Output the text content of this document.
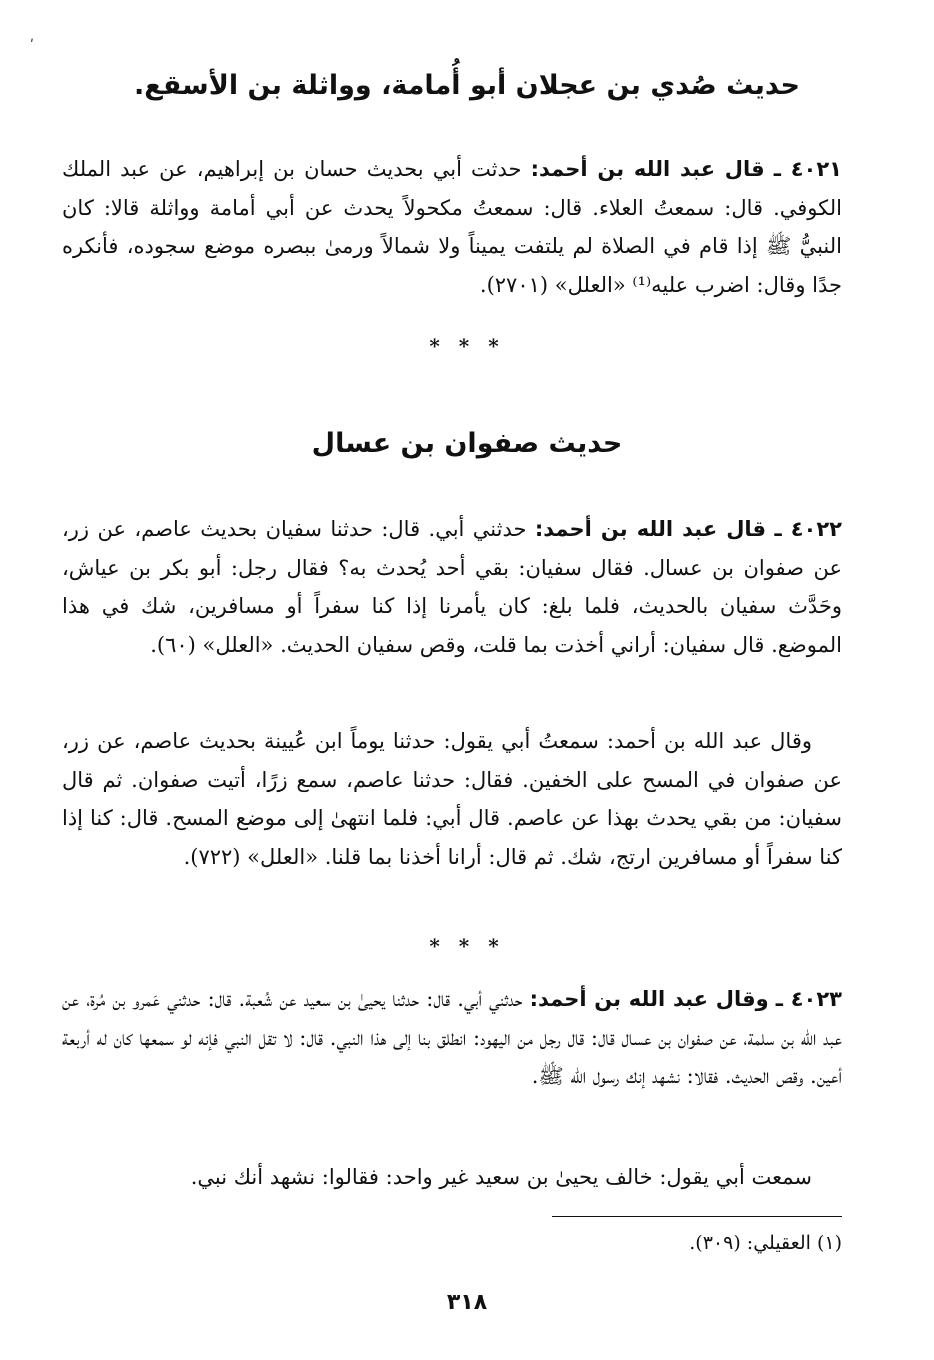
ʹ
حديث صُدي بن عجلان أبو أُمامة، وواثلة بن الأسقع.

٤٠٢١ ـ قال عبد الله بن أحمد: حدثت أبي بحديث حسان بن إبراهيم، عن عبد الملك الكوفي. قال: سمعتُ العلاء. قال: سمعتُ مكحولاً يحدث عن أبي أمامة وواثلة قالا: كان النبيُّ ﷺ إذا قام في الصلاة لم يلتفت يميناً ولا شمالاً ورمىٰ ببصره موضع سجوده، فأنكره جدًا وقال: اضرب عليه⁽¹⁾ «العلل» (٢٧٠١).

* * *
حديث صفوان بن عسال

٤٠٢٢ ـ قال عبد الله بن أحمد: حدثني أبي. قال: حدثنا سفيان بحديث عاصم، عن زر، عن صفوان بن عسال. فقال سفيان: بقي أحد يُحدث به؟ فقال رجل: أبو بكر بن عياش، وحَدَّث سفيان بالحديث، فلما بلغ: كان يأمرنا إذا كنا سفراً أو مسافرين، شك في هذا الموضع. قال سفيان: أراني أخذت بما قلت، وقص سفيان الحديث. «العلل» (٦٠).

وقال عبد الله بن أحمد: سمعتُ أبي يقول: حدثنا يوماً ابن عُيينة بحديث عاصم، عن زر، عن صفوان في المسح على الخفين. فقال: حدثنا عاصم، سمع زرًا، أتيت صفوان. ثم قال سفيان: من بقي يحدث بهذا عن عاصم. قال أبي: فلما انتهىٰ إلى موضع المسح. قال: كنا إذا كنا سفراً أو مسافرين ارتج، شك. ثم قال: أرانا أخذنا بما قلنا. «العلل» (٧٢٢).

* * *

٤٠٢٣ ـ وقال عبد الله بن أحمد: حدثني أبي. قال: حدثنا يحيىٰ بن سعيد عن شُعبة. قال: حدثني عَمرو بن مُرة، عن عبد الله بن سلمة، عن صفوان بن عسال قال: قال رجل من اليهود: انطلق بنا إلى هذا النبي. قال: لا تقل النبي فإنه لو سمعها كان له أربعة أعين. وقص الحديث. فقالا: نشهد إنك رسول الله ﷺ.

سمعت أبي يقول: خالف يحيىٰ بن سعيد غير واحد: فقالوا: نشهد أنك نبي.

(١) العقيلي: (٣٠٩).

٣١٨
